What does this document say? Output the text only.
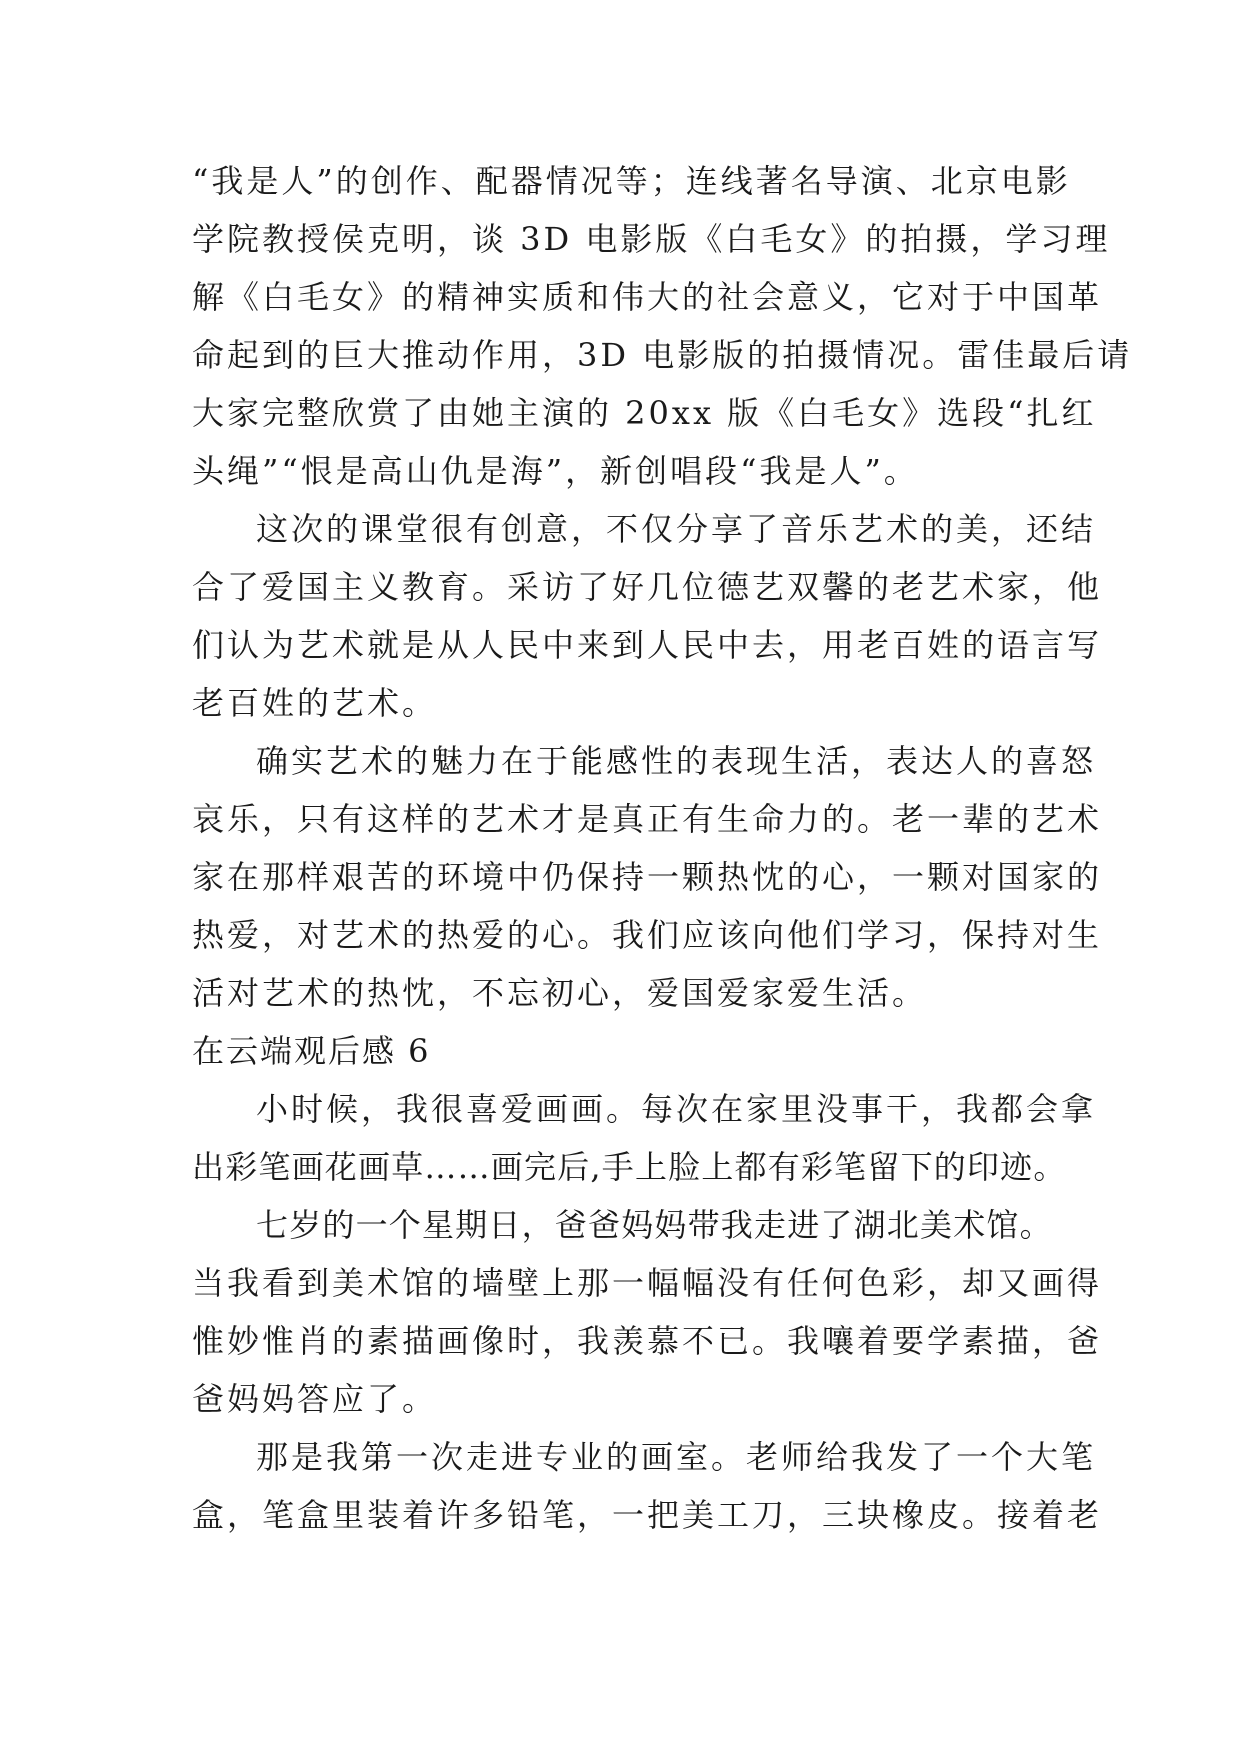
“我是人”的创作、配器情况等；连线著名导演、北京电影
学院教授侯克明，谈 3D 电影版《白毛女》的拍摄，学习理
解《白毛女》的精神实质和伟大的社会意义，它对于中国革
命起到的巨大推动作用，3D 电影版的拍摄情况。雷佳最后请
大家完整欣赏了由她主演的 20xx 版《白毛女》选段“扎红
头绳”“恨是高山仇是海”，新创唱段“我是人”。
这次的课堂很有创意，不仅分享了音乐艺术的美，还结
合了爱国主义教育。采访了好几位德艺双馨的老艺术家，他
们认为艺术就是从人民中来到人民中去，用老百姓的语言写
老百姓的艺术。
确实艺术的魅力在于能感性的表现生活，表达人的喜怒
哀乐，只有这样的艺术才是真正有生命力的。老一辈的艺术
家在那样艰苦的环境中仍保持一颗热忱的心，一颗对国家的
热爱，对艺术的热爱的心。我们应该向他们学习，保持对生
活对艺术的热忱，不忘初心，爱国爱家爱生活。
在云端观后感 6
小时候，我很喜爱画画。每次在家里没事干，我都会拿
出彩笔画花画草……画完后,手上脸上都有彩笔留下的印迹。
七岁的一个星期日，爸爸妈妈带我走进了湖北美术馆。
当我看到美术馆的墙壁上那一幅幅没有任何色彩，却又画得
惟妙惟肖的素描画像时，我羡慕不已。我嚷着要学素描，爸
爸妈妈答应了。
那是我第一次走进专业的画室。老师给我发了一个大笔
盒，笔盒里装着许多铅笔，一把美工刀，三块橡皮。接着老
